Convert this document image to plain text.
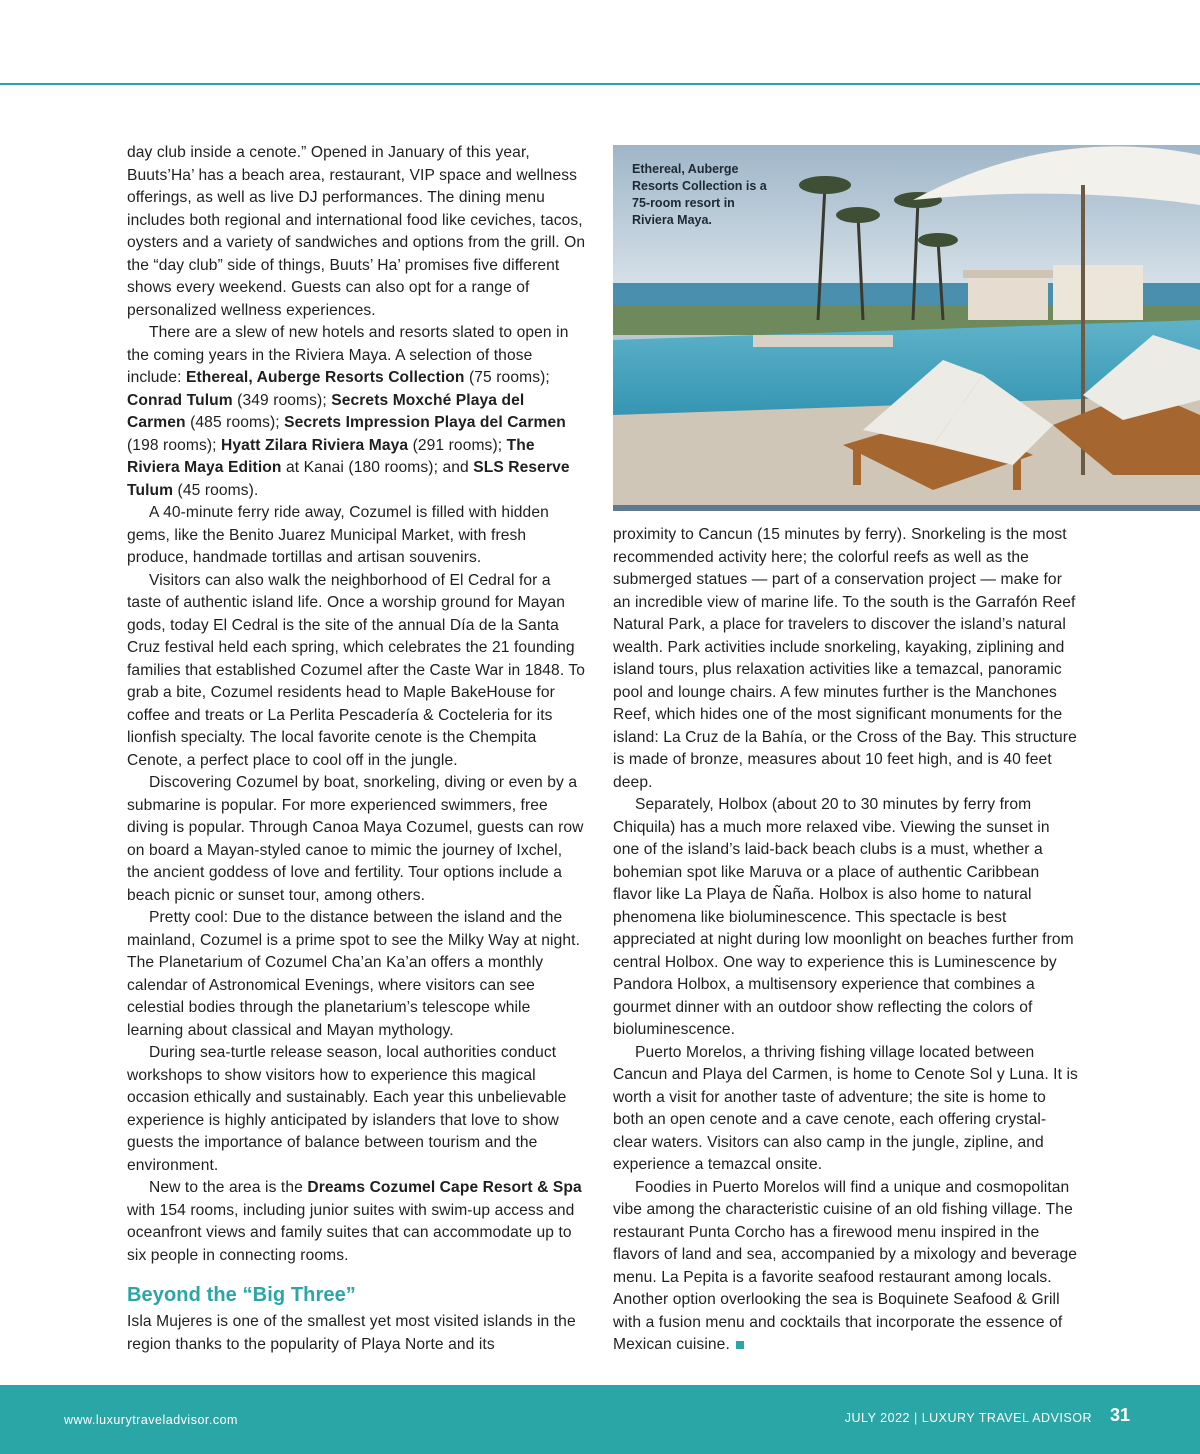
day club inside a cenote.” Opened in January of this year, Buuts’Ha’ has a beach area, restaurant, VIP space and wellness offerings, as well as live DJ performances. The dining menu includes both regional and international food like ceviches, tacos, oysters and a variety of sandwiches and options from the grill. On the “day club” side of things, Buuts’ Ha’ promises five different shows every weekend. Guests can also opt for a range of personalized wellness experiences.

There are a slew of new hotels and resorts slated to open in the coming years in the Riviera Maya. A selection of those include: Ethereal, Auberge Resorts Collection (75 rooms); Conrad Tulum (349 rooms); Secrets Moxché Playa del Carmen (485 rooms); Secrets Impression Playa del Carmen (198 rooms); Hyatt Zilara Riviera Maya (291 rooms); The Riviera Maya Edition at Kanai (180 rooms); and SLS Reserve Tulum (45 rooms).

A 40-minute ferry ride away, Cozumel is filled with hidden gems, like the Benito Juarez Municipal Market, with fresh produce, handmade tortillas and artisan souvenirs.

Visitors can also walk the neighborhood of El Cedral for a taste of authentic island life. Once a worship ground for Mayan gods, today El Cedral is the site of the annual Día de la Santa Cruz festival held each spring, which celebrates the 21 founding families that established Cozumel after the Caste War in 1848. To grab a bite, Cozumel residents head to Maple BakeHouse for coffee and treats or La Perlita Pescadería & Cocteleria for its lionfish specialty. The local favorite cenote is the Chempita Cenote, a perfect place to cool off in the jungle.

Discovering Cozumel by boat, snorkeling, diving or even by a submarine is popular. For more experienced swimmers, free diving is popular. Through Canoa Maya Cozumel, guests can row on board a Mayan-styled canoe to mimic the journey of Ixchel, the ancient goddess of love and fertility. Tour options include a beach picnic or sunset tour, among others.

Pretty cool: Due to the distance between the island and the mainland, Cozumel is a prime spot to see the Milky Way at night. The Planetarium of Cozumel Cha’an Ka’an offers a monthly calendar of Astronomical Evenings, where visitors can see celestial bodies through the planetarium’s telescope while learning about classical and Mayan mythology.

During sea-turtle release season, local authorities conduct workshops to show visitors how to experience this magical occasion ethically and sustainably. Each year this unbelievable experience is highly anticipated by islanders that love to show guests the importance of balance between tourism and the environment.

New to the area is the Dreams Cozumel Cape Resort & Spa with 154 rooms, including junior suites with swim-up access and oceanfront views and family suites that can accommodate up to six people in connecting rooms.

Beyond the “Big Three”

Isla Mujeres is one of the smallest yet most visited islands in the region thanks to the popularity of Playa Norte and its

Ethereal, Auberge Resorts Collection is a 75-room resort in Riviera Maya.

proximity to Cancun (15 minutes by ferry). Snorkeling is the most recommended activity here; the colorful reefs as well as the submerged statues — part of a conservation project — make for an incredible view of marine life. To the south is the Garrafón Reef Natural Park, a place for travelers to discover the island’s natural wealth. Park activities include snorkeling, kayaking, ziplining and island tours, plus relaxation activities like a temazcal, panoramic pool and lounge chairs. A few minutes further is the Manchones Reef, which hides one of the most significant monuments for the island: La Cruz de la Bahía, or the Cross of the Bay. This structure is made of bronze, measures about 10 feet high, and is 40 feet deep.

Separately, Holbox (about 20 to 30 minutes by ferry from Chiquila) has a much more relaxed vibe. Viewing the sunset in one of the island’s laid-back beach clubs is a must, whether a bohemian spot like Maruva or a place of authentic Caribbean flavor like La Playa de Ñaña. Holbox is also home to natural phenomena like bioluminescence. This spectacle is best appreciated at night during low moonlight on beaches further from central Holbox. One way to experience this is Luminescence by Pandora Holbox, a multisensory experience that combines a gourmet dinner with an outdoor show reflecting the colors of bioluminescence.

Puerto Morelos, a thriving fishing village located between Cancun and Playa del Carmen, is home to Cenote Sol y Luna. It is worth a visit for another taste of adventure; the site is home to both an open cenote and a cave cenote, each offering crystal-clear waters. Visitors can also camp in the jungle, zipline, and experience a temazcal onsite.

Foodies in Puerto Morelos will find a unique and cosmopolitan vibe among the characteristic cuisine of an old fishing village. The restaurant Punta Corcho has a firewood menu inspired in the flavors of land and sea, accompanied by a mixology and beverage menu. La Pepita is a favorite seafood restaurant among locals. Another option overlooking the sea is Boquinete Seafood & Grill with a fusion menu and cocktails that incorporate the essence of Mexican cuisine.

www.luxurytraveladvisor.com	JULY 2022 | LUXURY TRAVEL ADVISOR 31
